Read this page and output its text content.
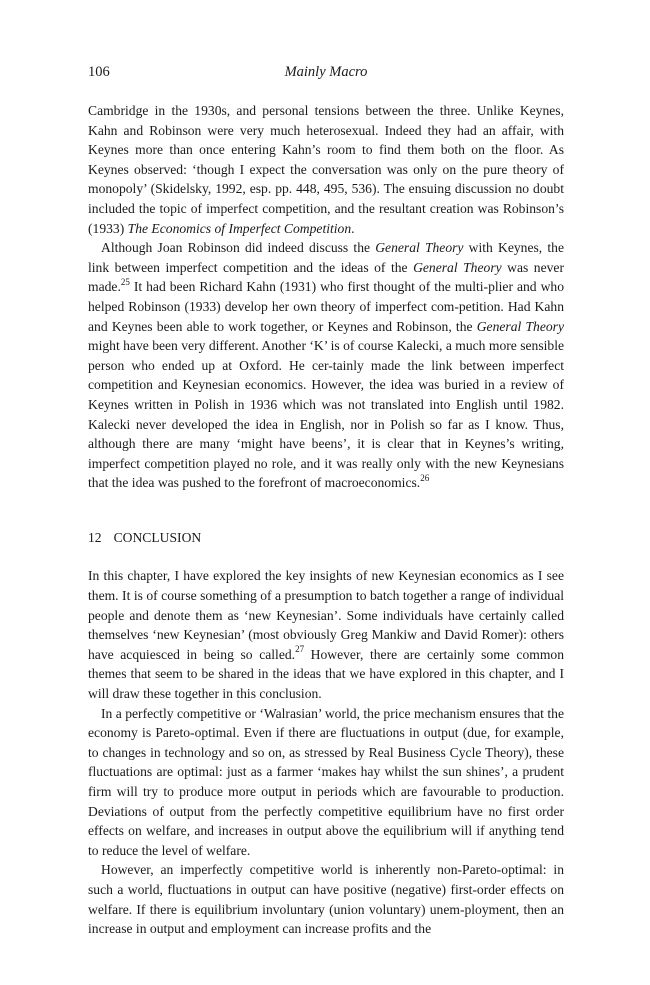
106	Mainly Macro

Cambridge in the 1930s, and personal tensions between the three. Unlike Keynes, Kahn and Robinson were very much heterosexual. Indeed they had an affair, with Keynes more than once entering Kahn’s room to find them both on the floor. As Keynes observed: ‘though I expect the conversation was only on the pure theory of monopoly’ (Skidelsky, 1992, esp. pp. 448, 495, 536). The ensuing discussion no doubt included the topic of imperfect competition, and the resultant creation was Robinson’s (1933) The Economics of Imperfect Competition.

Although Joan Robinson did indeed discuss the General Theory with Keynes, the link between imperfect competition and the ideas of the General Theory was never made.$^{25}$ It had been Richard Kahn (1931) who first thought of the multi-plier and who helped Robinson (1933) develop her own theory of imperfect com-petition. Had Kahn and Keynes been able to work together, or Keynes and Robinson, the General Theory might have been very different. Another ‘K’ is of course Kalecki, a much more sensible person who ended up at Oxford. He cer-tainly made the link between imperfect competition and Keynesian economics. However, the idea was buried in a review of Keynes written in Polish in 1936 which was not translated into English until 1982. Kalecki never developed the idea in English, nor in Polish so far as I know. Thus, although there are many ‘might have beens’, it is clear that in Keynes’s writing, imperfect competition played no role, and it was really only with the new Keynesians that the idea was pushed to the forefront of macroeconomics.$^{26}$

12 CONCLUSION

In this chapter, I have explored the key insights of new Keynesian economics as I see them. It is of course something of a presumption to batch together a range of individual people and denote them as ‘new Keynesian’. Some individuals have certainly called themselves ‘new Keynesian’ (most obviously Greg Mankiw and David Romer): others have acquiesced in being so called.$^{27}$ However, there are certainly some common themes that seem to be shared in the ideas that we have explored in this chapter, and I will draw these together in this conclusion.

In a perfectly competitive or ‘Walrasian’ world, the price mechanism ensures that the economy is Pareto-optimal. Even if there are fluctuations in output (due, for example, to changes in technology and so on, as stressed by Real Business Cycle Theory), these fluctuations are optimal: just as a farmer ‘makes hay whilst the sun shines’, a prudent firm will try to produce more output in periods which are favourable to production. Deviations of output from the perfectly competitive equilibrium have no first order effects on welfare, and increases in output above the equilibrium will if anything tend to reduce the level of welfare.

However, an imperfectly competitive world is inherently non-Pareto-optimal: in such a world, fluctuations in output can have positive (negative) first-order effects on welfare. If there is equilibrium involuntary (union voluntary) unem-ployment, then an increase in output and employment can increase profits and the
